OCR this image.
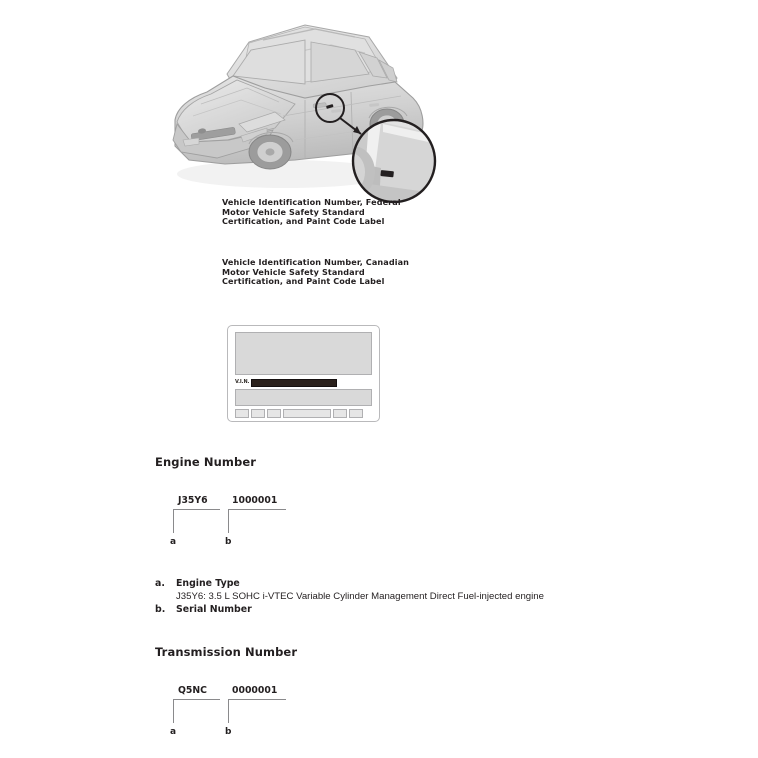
Vehicle Identification Number, Federal Motor Vehicle Safety Standard Certification, and Paint Code Label
Vehicle Identification Number, Canadian Motor Vehicle Safety Standard Certification, and Paint Code Label
V.I.N.
Engine Number
J35Y6	1000001
a	b
a.	Engine Type
J35Y6: 3.5 L SOHC i-VTEC Variable Cylinder Management Direct Fuel-injected engine
b.	Serial Number
Transmission Number
Q5NC	0000001
a	b
